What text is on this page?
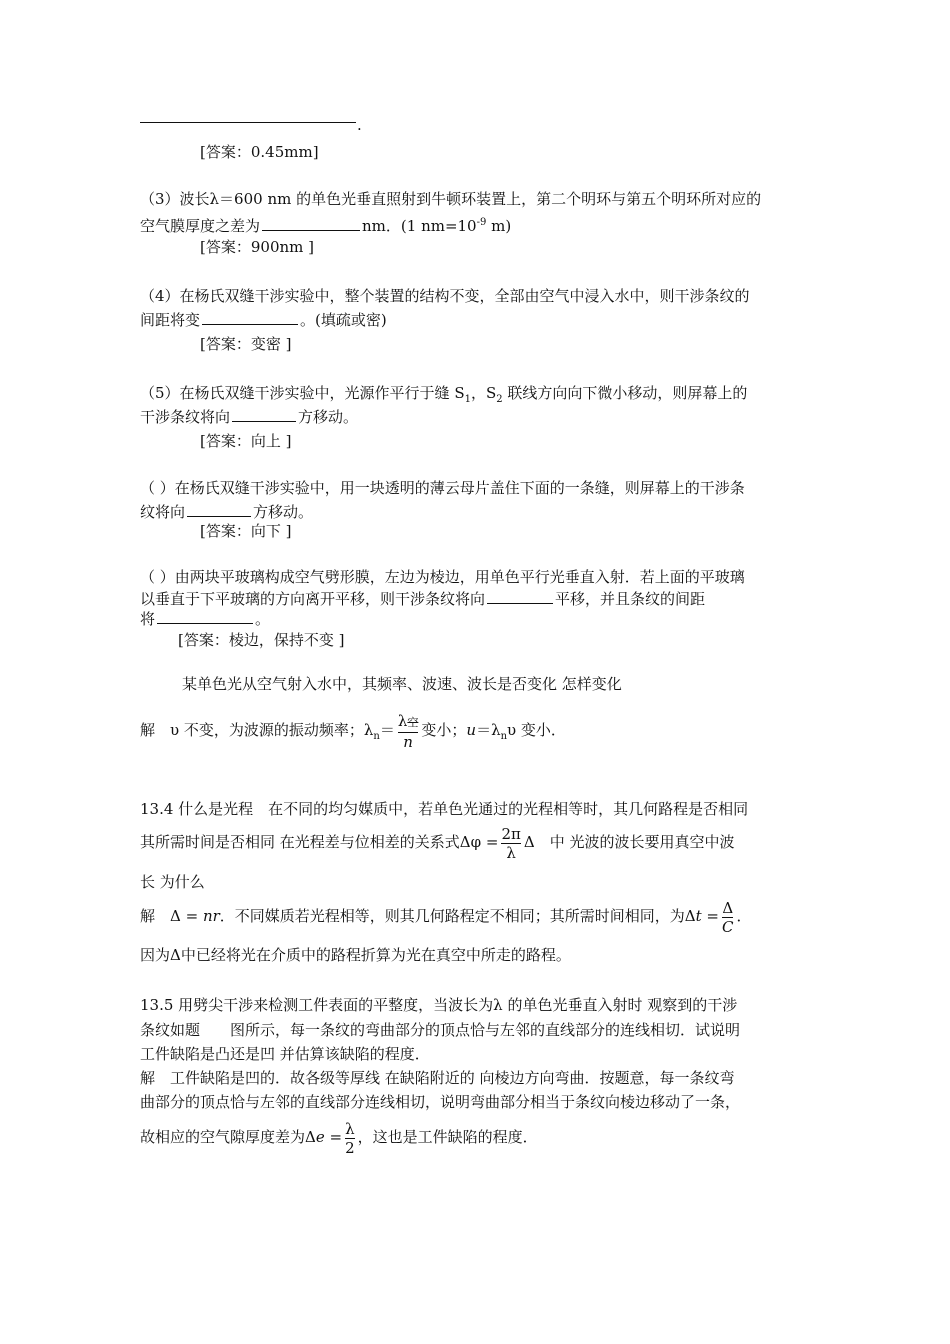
.
[答案：0.45mm]
（3）波长λ＝600 nm 的单色光垂直照射到牛顿环装置上，第二个明环与第五个明环所对应的
空气膜厚度之差为	nm．(1 $nm=10^{-9}$ m)
[答案：900nm ]
（4）在杨氏双缝干涉实验中，整个装置的结构不变，全部由空气中浸入水中，则干涉条纹的
间距将变	。(填疏或密)
[答案：变密 ]
（5）在杨氏双缝干涉实验中，光源作平行于缝 $S_1$，$S_2$ 联线方向向下微小移动，则屏幕上的
干涉条纹将向	方移动。
[答案：向上 ]
（ ）在杨氏双缝干涉实验中，用一块透明的薄云母片盖住下面的一条缝，则屏幕上的干涉条
纹将向	方移动。
[答案：向下 ]
（ ）由两块平玻璃构成空气劈形膜，左边为棱边，用单色平行光垂直入射．若上面的平玻璃
以垂直于下平玻璃的方向离开平移，则干涉条纹将向	平移，并且条纹的间距
将	。
[答案：棱边，保持不变 ]
某单色光从空气射入水中，其频率、波速、波长是否变化 怎样变化
解　υ 不变，为波源的振动频率；$\lambda_n= \frac{\text{λ空}}{n}$ 变小；$u=\lambda_n\upsilon$ 变小．
13.4 什么是光程　在不同的均匀媒质中，若单色光通过的光程相等时，其几何路程是否相同
其所需时间是否相同 在光程差与位相差的关系式$\Delta\varphi = \frac{2\pi}{\lambda}$ Δ　中 光波的波长要用真空中波
长 为什么
解　Δ = nr．不同媒质若光程相等，则其几何路程定不相同；其所需时间相同，为$\Delta t = \frac{\Delta}{C}$ ．
因为Δ中已经将光在介质中的路程折算为光在真空中所走的路程。
13.5 用劈尖干涉来检测工件表面的平整度，当波长为λ 的单色光垂直入射时 观察到的干涉
条纹如题　　图所示，每一条纹的弯曲部分的顶点恰与左邻的直线部分的连线相切．试说明
工件缺陷是凸还是凹 并估算该缺陷的程度．
解　工件缺陷是凹的．故各级等厚线 在缺陷附近的 向棱边方向弯曲．按题意，每一条纹弯
曲部分的顶点恰与左邻的直线部分连线相切，说明弯曲部分相当于条纹向棱边移动了一条，
故相应的空气隙厚度差为$\Delta e = \frac{\lambda}{2}$ ，这也是工件缺陷的程度．
